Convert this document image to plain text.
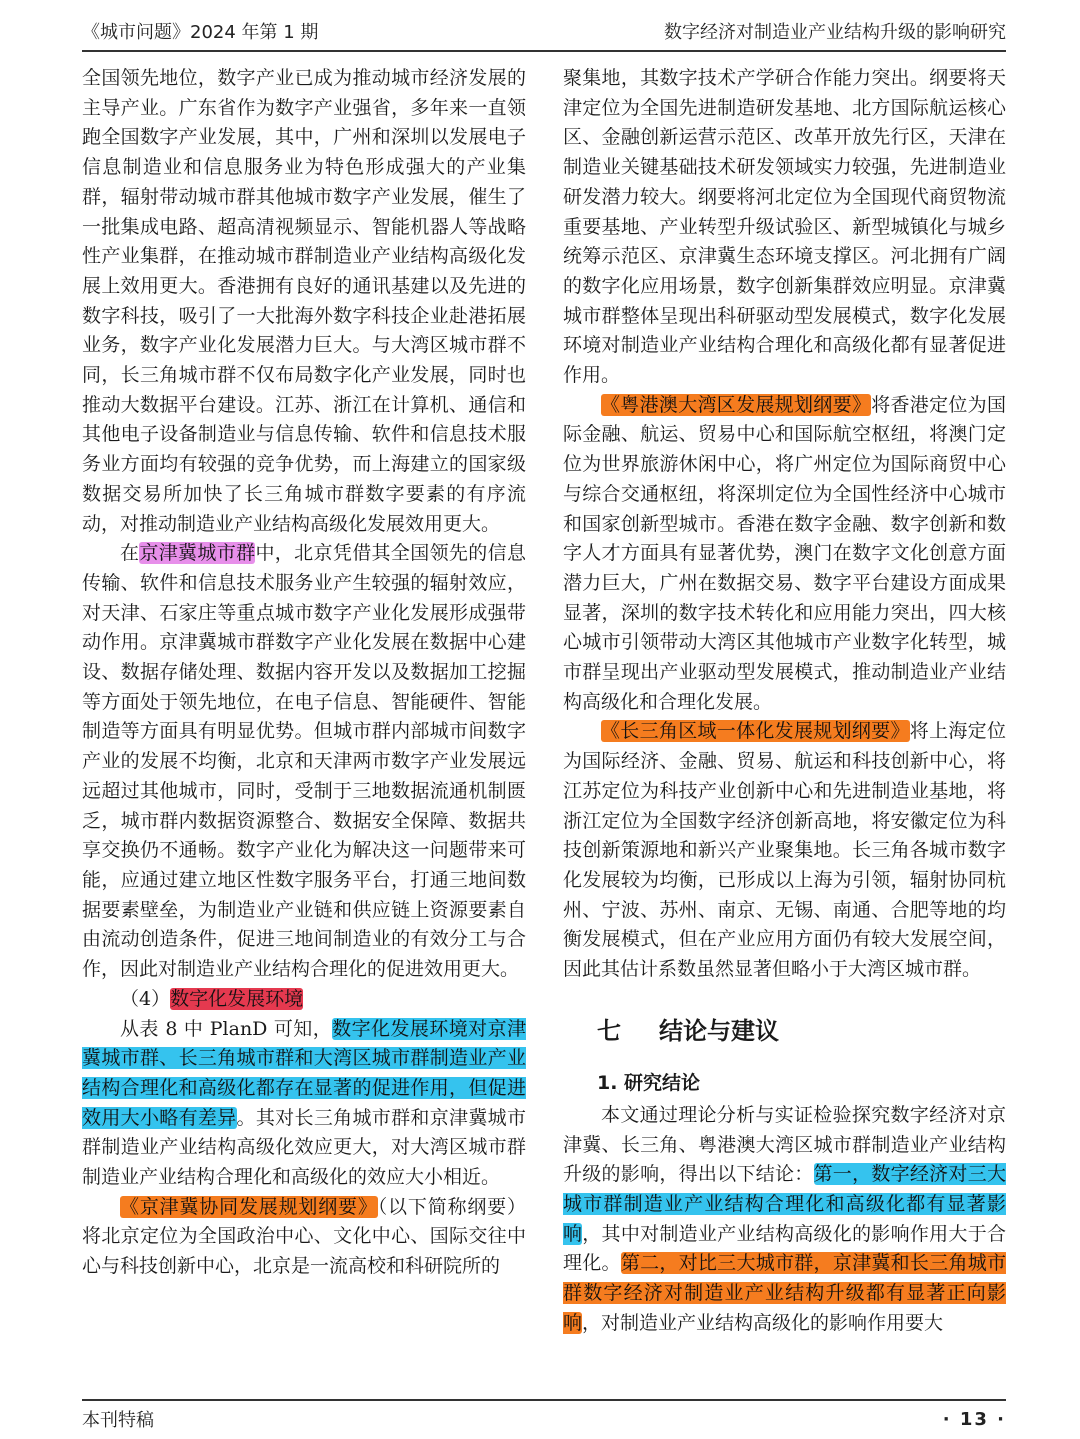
《城市问题》2024 年第 1 期	数字经济对制造业产业结构升级的影响研究

全国领先地位，数字产业已成为推动城市经济发展的主导产业。广东省作为数字产业强省，多年来一直领跑全国数字产业发展，其中，广州和深圳以发展电子信息制造业和信息服务业为特色形成强大的产业集群，辐射带动城市群其他城市数字产业发展，催生了一批集成电路、超高清视频显示、智能机器人等战略性产业集群，在推动城市群制造业产业结构高级化发展上效用更大。香港拥有良好的通讯基建以及先进的数字科技，吸引了一大批海外数字科技企业赴港拓展业务，数字产业化发展潜力巨大。与大湾区城市群不同，长三角城市群不仅布局数字化产业发展，同时也推动大数据平台建设。江苏、浙江在计算机、通信和其他电子设备制造业与信息传输、软件和信息技术服务业方面均有较强的竞争优势，而上海建立的国家级数据交易所加快了长三角城市群数字要素的有序流动，对推动制造业产业结构高级化发展效用更大。

在京津冀城市群中，北京凭借其全国领先的信息传输、软件和信息技术服务业产生较强的辐射效应，对天津、石家庄等重点城市数字产业化发展形成强带动作用。京津冀城市群数字产业化发展在数据中心建设、数据存储处理、数据内容开发以及数据加工挖掘等方面处于领先地位，在电子信息、智能硬件、智能制造等方面具有明显优势。但城市群内部城市间数字产业的发展不均衡，北京和天津两市数字产业发展远远超过其他城市，同时，受制于三地数据流通机制匮乏，城市群内数据资源整合、数据安全保障、数据共享交换仍不通畅。数字产业化为解决这一问题带来可能，应通过建立地区性数字服务平台，打通三地间数据要素壁垒，为制造业产业链和供应链上资源要素自由流动创造条件，促进三地间制造业的有效分工与合作，因此对制造业产业结构合理化的促进效用更大。

（4）数字化发展环境

从表 8 中 PlanD 可知，数字化发展环境对京津冀城市群、长三角城市群和大湾区城市群制造业产业结构合理化和高级化都存在显著的促进作用，但促进效用大小略有差异。其对长三角城市群和京津冀城市群制造业产业结构高级化效应更大，对大湾区城市群制造业产业结构合理化和高级化的效应大小相近。

《京津冀协同发展规划纲要》（以下简称纲要）将北京定位为全国政治中心、文化中心、国际交往中心与科技创新中心，北京是一流高校和科研院所的

聚集地，其数字技术产学研合作能力突出。纲要将天津定位为全国先进制造研发基地、北方国际航运核心区、金融创新运营示范区、改革开放先行区，天津在制造业关键基础技术研发领域实力较强，先进制造业研发潜力较大。纲要将河北定位为全国现代商贸物流重要基地、产业转型升级试验区、新型城镇化与城乡统筹示范区、京津冀生态环境支撑区。河北拥有广阔的数字化应用场景，数字创新集群效应明显。京津冀城市群整体呈现出科研驱动型发展模式，数字化发展环境对制造业产业结构合理化和高级化都有显著促进作用。

《粤港澳大湾区发展规划纲要》将香港定位为国际金融、航运、贸易中心和国际航空枢纽，将澳门定位为世界旅游休闲中心，将广州定位为国际商贸中心与综合交通枢纽，将深圳定位为全国性经济中心城市和国家创新型城市。香港在数字金融、数字创新和数字人才方面具有显著优势，澳门在数字文化创意方面潜力巨大，广州在数据交易、数字平台建设方面成果显著，深圳的数字技术转化和应用能力突出，四大核心城市引领带动大湾区其他城市产业数字化转型，城市群呈现出产业驱动型发展模式，推动制造业产业结构高级化和合理化发展。

《长三角区域一体化发展规划纲要》将上海定位为国际经济、金融、贸易、航运和科技创新中心，将江苏定位为科技产业创新中心和先进制造业基地，将浙江定位为全国数字经济创新高地，将安徽定位为科技创新策源地和新兴产业聚集地。长三角各城市数字化发展较为均衡，已形成以上海为引领，辐射协同杭州、宁波、苏州、南京、无锡、南通、合肥等地的均衡发展模式，但在产业应用方面仍有较大发展空间，因此其估计系数虽然显著但略小于大湾区城市群。

七 结论与建议
1. 研究结论

本文通过理论分析与实证检验探究数字经济对京津冀、长三角、粤港澳大湾区城市群制造业产业结构升级的影响，得出以下结论：第一，数字经济对三大城市群制造业产业结构合理化和高级化都有显著影响，其中对制造业产业结构高级化的影响作用大于合理化。第二，对比三大城市群，京津冀和长三角城市群数字经济对制造业产业结构升级都有显著正向影响，对制造业产业结构高级化的影响作用要大

本刊特稿	· 13 ·
